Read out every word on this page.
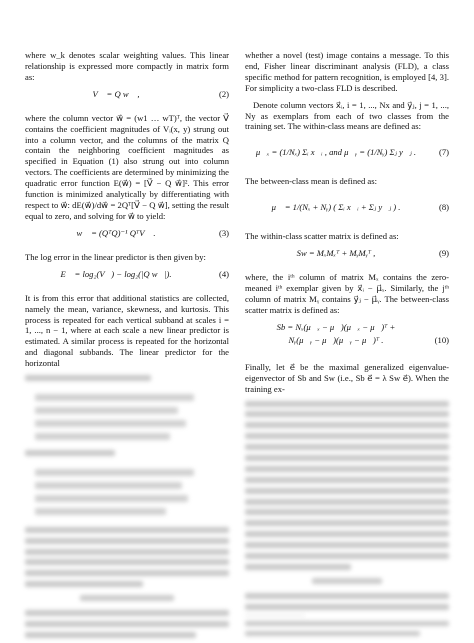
where w_k denotes scalar weighting values. This linear relationship is expressed more compactly in matrix form as:

V⃗ = Q w⃗ ,	(2)

where the column vector w⃗ = (w1 … wT)ᵀ, the vector V⃗ contains the coefficient magnitudes of Vᵢ(x, y) strung out into a column vector, and the columns of the matrix Q contain the neighboring coefficient magnitudes as specified in Equation (1) also strung out into column vectors. The coefficients are determined by minimizing the quadratic error function E(w⃗) = [V⃗ − Q w⃗]². This error function is minimized analytically by differentiating with respect to w⃗: dE(w⃗)/dw⃗ = 2Qᵀ[V⃗ − Q w⃗], setting the result equal to zero, and solving for w⃗ to yield:

w⃗ = (QᵀQ)⁻¹ QᵀV⃗ .	(3)

The log error in the linear predictor is then given by:

E⃗ = log₂(V⃗) − log₂(|Q w⃗|).	(4)

It is from this error that additional statistics are collected, namely the mean, variance, skewness, and kurtosis. This process is repeated for each vertical subband at scales i = 1, ..., n − 1, where at each scale a new linear predictor is estimated. A similar process is repeated for the horizontal and diagonal subbands. The linear predictor for the horizontal

whether a novel (test) image contains a message. To this end, Fisher linear discriminant analysis (FLD), a class specific method for pattern recognition, is employed [4, 3]. For simplicity a two-class FLD is described.

Denote column vectors x⃗ᵢ, i = 1, ..., Nx and y⃗ⱼ, j = 1, ..., Ny as exemplars from each of two classes from the training set. The within-class means are defined as:

μ⃗ₓ = (1/Nₓ) Σᵢ x⃗ᵢ , and μ⃗ᵧ = (1/Nᵧ) Σⱼ y⃗ⱼ .	(7)

The between-class mean is defined as:

μ⃗ = 1/(Nₓ + Nᵧ) ( Σᵢ x⃗ᵢ + Σⱼ y⃗ⱼ ) .	(8)

The within-class scatter matrix is defined as:

Sw = MₓMₓᵀ + MᵧMᵧᵀ ,	(9)

where, the iᵗʰ column of matrix Mₓ contains the zero-meaned iᵗʰ exemplar given by x⃗ᵢ − μ⃗ₓ. Similarly, the jᵗʰ column of matrix Mᵧ contains y⃗ⱼ − μ⃗ᵧ. The between-class scatter matrix is defined as:

Sb = Nₓ(μ⃗ₓ − μ⃗)(μ⃗ₓ − μ⃗)ᵀ +
Nᵧ(μ⃗ᵧ − μ⃗)(μ⃗ᵧ − μ⃗)ᵀ .	(10)

Finally, let e⃗ be the maximal generalized eigenvalue-eigenvector of Sb and Sw (i.e., Sb e⃗ = λ Sw e⃗). When the training ex-
